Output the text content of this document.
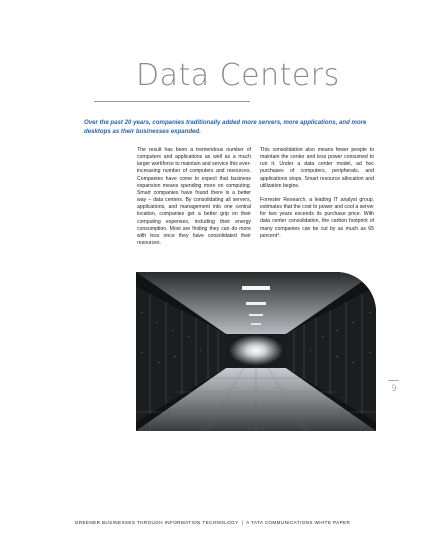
Data Centers

Over the past 20 years, companies traditionally added more servers, more applications, and more desktops as their businesses expanded.

The result has been a tremendous number of computers and applications as well as a much larger workforce to maintain and service this ever-increasing number of computers and resources. Companies have come to expect that business expansion means spending more on computing. Smart companies have found there is a better way – data centers. By consolidating all servers, applications, and management into one central location, companies get a better grip on their computing expenses, including their energy consumption. Most are finding they can do more with less once they have consolidated their resources.

This consolidation also means fewer people to maintain the center and less power consumed to run it. Under a data center model, ad hoc purchases of computers, peripherals, and applications stops. Smart resource allocation and utilization begins.

Forrester Research, a leading IT analyst group, estimates that the cost to power and cool a server for two years exceeds its purchase price. With data center consolidation, the carbon footprint of many companies can be cut by as much as 65 percent⁴.

9
GREENER BUSINESSES THROUGH INFORMATION TECHNOLOGY | A TATA COMMUNICATIONS WHITE PAPER
